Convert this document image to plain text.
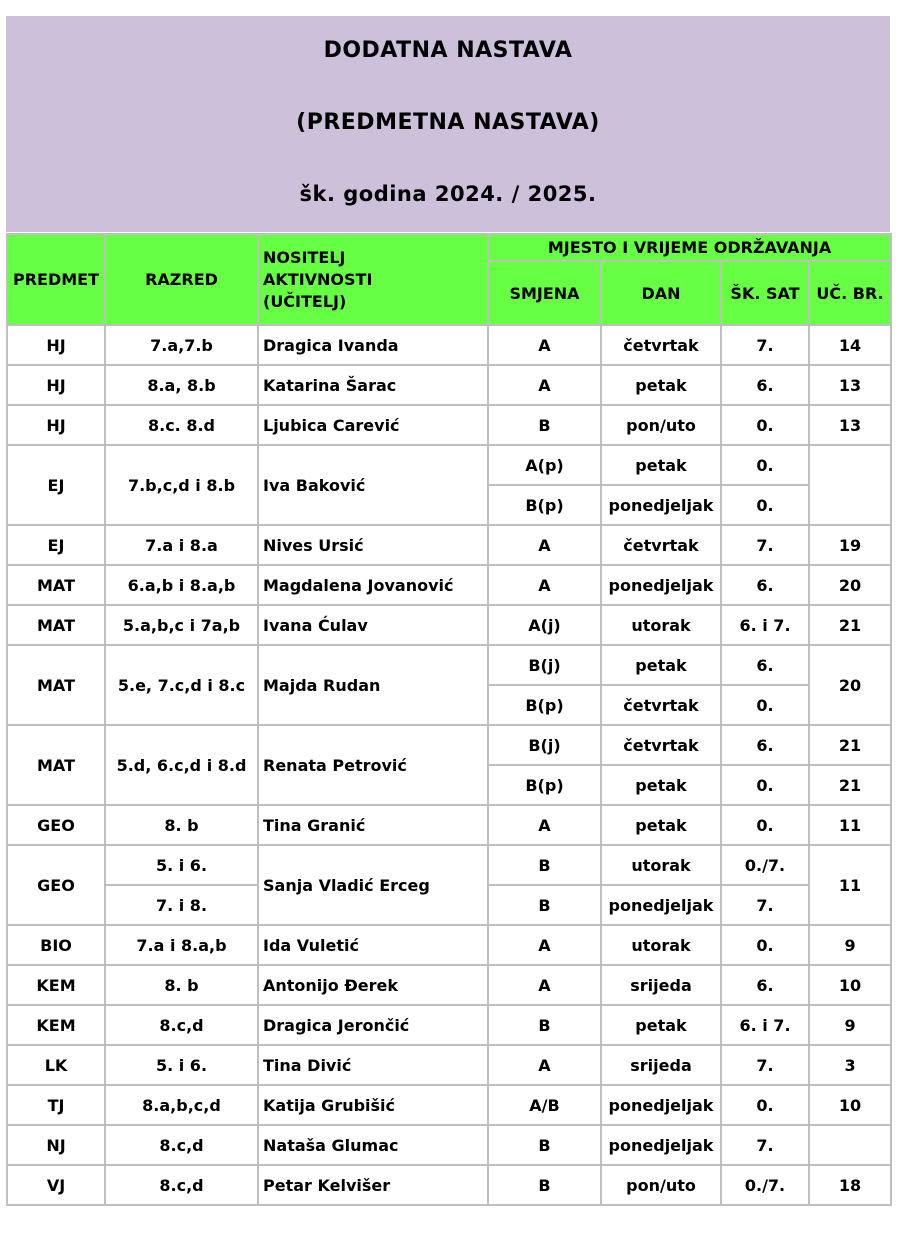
DODATNA NASTAVA
(PREDMETNA NASTAVA)
šk. godina 2024. / 2025.
PREDMET	RAZRED	NOSITELJ
AKTIVNOSTI
(UČITELJ)	MJESTO I VRIJEME ODRŽAVANJA			
			SMJENA	DAN	ŠK. SAT	UČ. BR.
HJ	7.a,7.b	Dragica Ivanda	A	četvrtak	7.	14
HJ	8.a, 8.b	Katarina Šarac	A	petak	6.	13
HJ	8.c. 8.d	Ljubica Carević	B	pon/uto	0.	13
EJ	7.b,c,d i 8.b	Iva Baković	A(p)	petak	0.	
			B(p)	ponedjeljak	0.	
EJ	7.a i 8.a	Nives Ursić	A	četvrtak	7.	19
MAT	6.a,b i 8.a,b	Magdalena Jovanović	A	ponedjeljak	6.	20
MAT	5.a,b,c i 7a,b	Ivana Ćulav	A(j)	utorak	6. i 7.	21
MAT	5.e, 7.c,d i 8.c	Majda Rudan	B(j)	petak	6.	20
			B(p)	četvrtak	0.	
MAT	5.d, 6.c,d i 8.d	Renata Petrović	B(j)	četvrtak	6.	21
			B(p)	petak	0.	21
GEO	8. b	Tina Granić	A	petak	0.	11
GEO	5. i 6.	Sanja Vladić Erceg	B	utorak	0./7.	11
	7. i 8.		B	ponedjeljak	7.	
BIO	7.a i 8.a,b	Ida Vuletić	A	utorak	0.	9
KEM	8. b	Antonijo Đerek	A	srijeda	6.	10
KEM	8.c,d	Dragica Jerončić	B	petak	6. i 7.	9
LK	5. i 6.	Tina Divić	A	srijeda	7.	3
TJ	8.a,b,c,d	Katija Grubišić	A/B	ponedjeljak	0.	10
NJ	8.c,d	Nataša Glumac	B	ponedjeljak	7.	
VJ	8.c,d	Petar Kelvišer	B	pon/uto	0./7.	18
